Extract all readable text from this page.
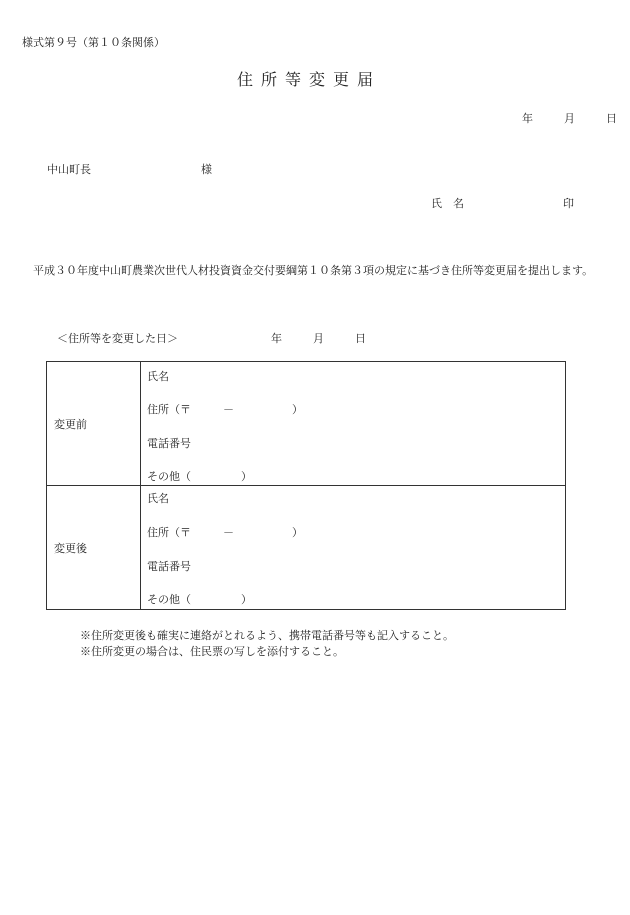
様式第９号（第１０条関係）
住所等変更届
年	月	日
中山町長	様
氏　名	印
平成３０年度中山町農業次世代人材投資資金交付要綱第１０条第３項の規定に基づき住所等変更届を提出します。
＜住所等を変更した日＞	年	月	日
変更前	氏名
住所（〒 － ）
電話番号
その他（ ）

変更後	氏名
住所（〒 － ）
電話番号
その他（ ）
※住所変更後も確実に連絡がとれるよう、携帯電話番号等も記入すること。
※住所変更の場合は、住民票の写しを添付すること。
